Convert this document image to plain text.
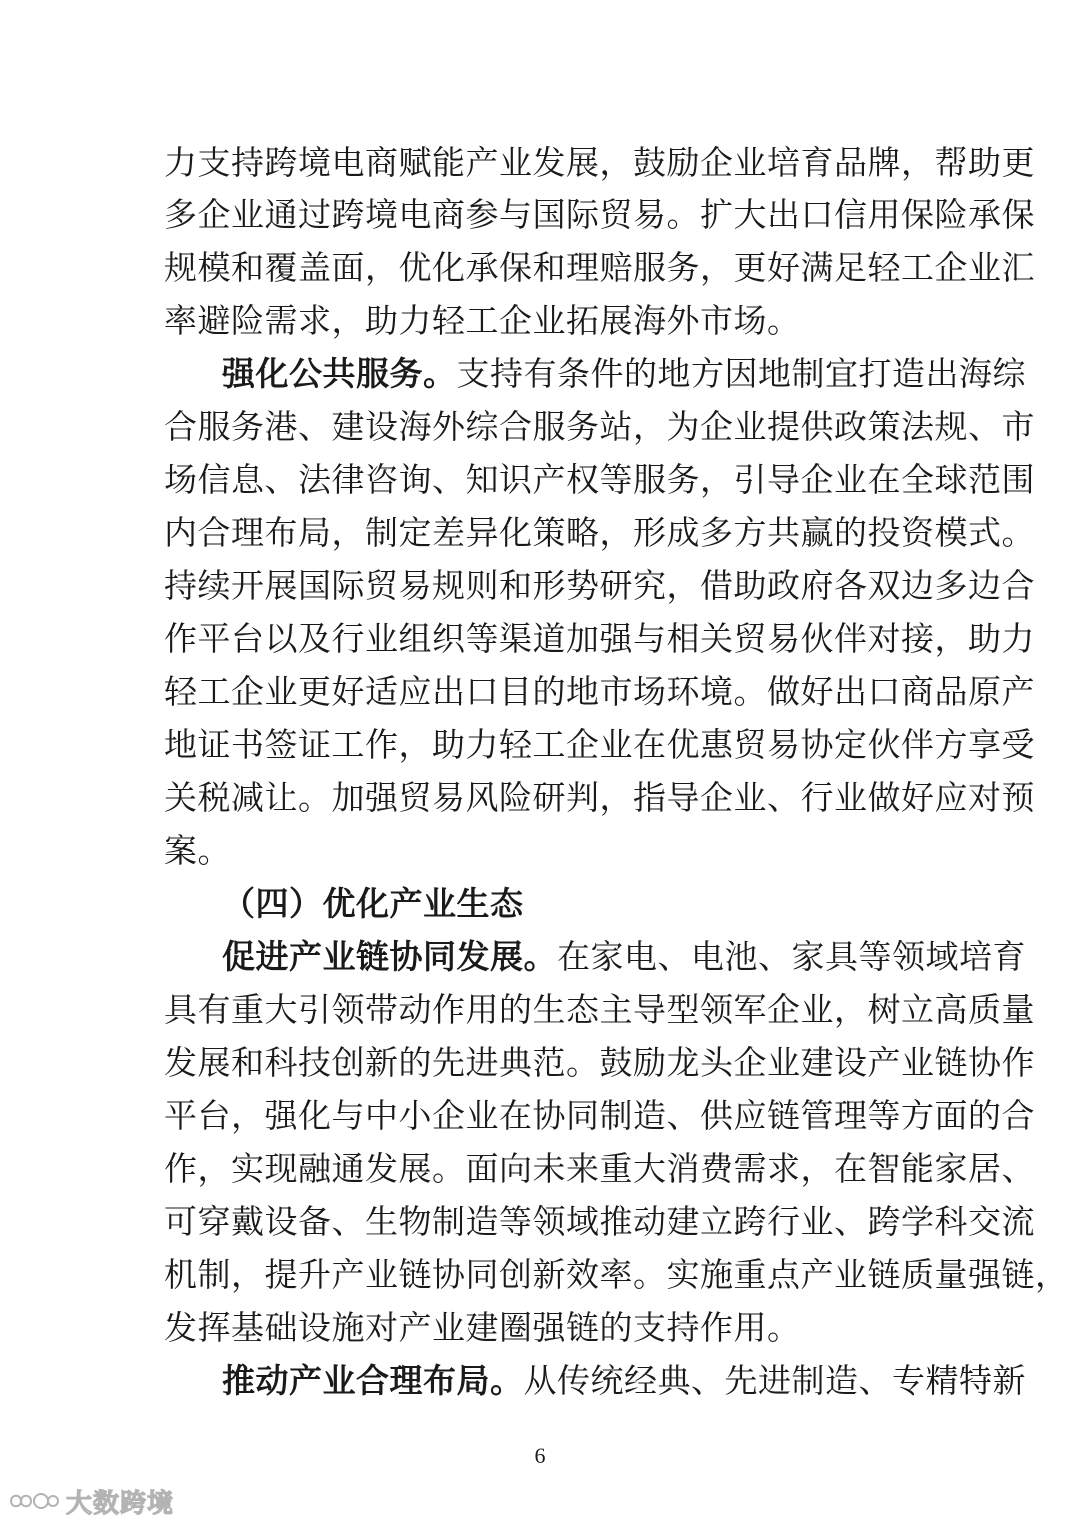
力支持跨境电商赋能产业发展，鼓励企业培育品牌，帮助更
多企业通过跨境电商参与国际贸易。扩大出口信用保险承保
规模和覆盖面，优化承保和理赔服务，更好满足轻工企业汇
率避险需求，助力轻工企业拓展海外市场。
强化公共服务。支持有条件的地方因地制宜打造出海综
合服务港、建设海外综合服务站，为企业提供政策法规、市
场信息、法律咨询、知识产权等服务，引导企业在全球范围
内合理布局，制定差异化策略，形成多方共赢的投资模式。
持续开展国际贸易规则和形势研究，借助政府各双边多边合
作平台以及行业组织等渠道加强与相关贸易伙伴对接，助力
轻工企业更好适应出口目的地市场环境。做好出口商品原产
地证书签证工作，助力轻工企业在优惠贸易协定伙伴方享受
关税减让。加强贸易风险研判，指导企业、行业做好应对预
案。
（四）优化产业生态
促进产业链协同发展。在家电、电池、家具等领域培育
具有重大引领带动作用的生态主导型领军企业，树立高质量
发展和科技创新的先进典范。鼓励龙头企业建设产业链协作
平台，强化与中小企业在协同制造、供应链管理等方面的合
作，实现融通发展。面向未来重大消费需求，在智能家居、
可穿戴设备、生物制造等领域推动建立跨行业、跨学科交流
机制，提升产业链协同创新效率。实施重点产业链质量强链，
发挥基础设施对产业建圈强链的支持作用。
推动产业合理布局。从传统经典、先进制造、专精特新
6
大数跨境
